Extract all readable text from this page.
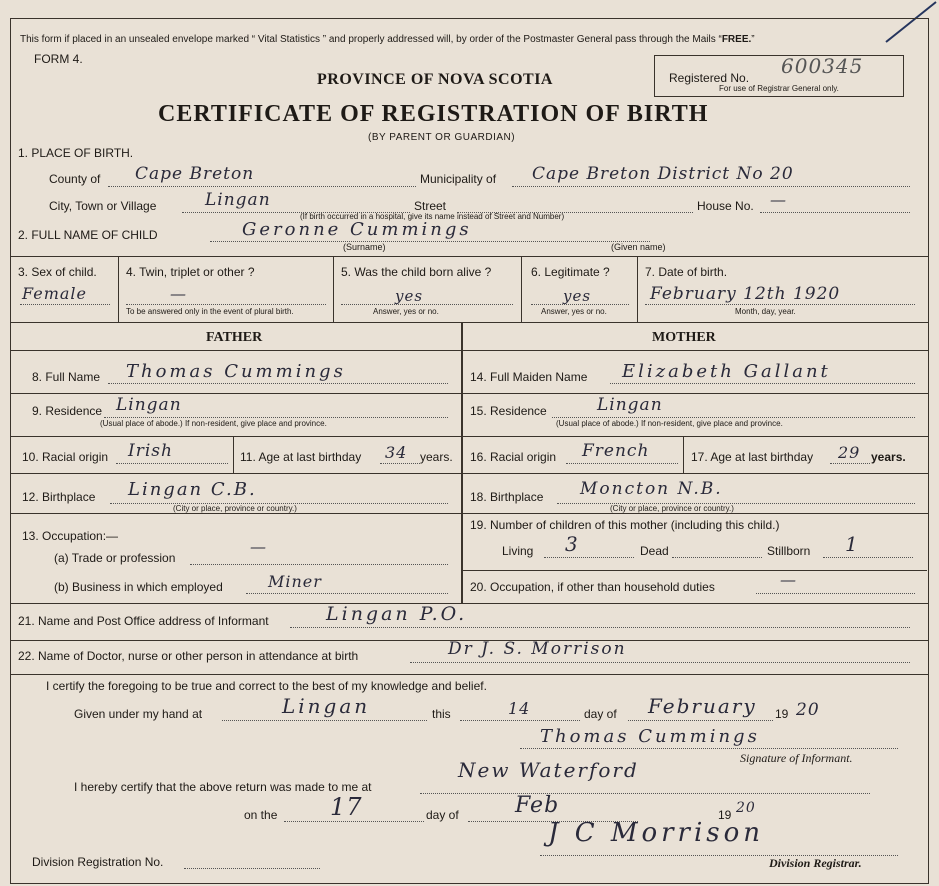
This form if placed in an unsealed envelope marked “ Vital Statistics ” and properly addressed will, by order of the Postmaster General pass through the Mails “FREE.”
FORM 4.
PROVINCE OF NOVA SCOTIA
CERTIFICATE OF REGISTRATION OF BIRTH
(BY PARENT OR GUARDIAN)
Registered No. 600345
For use of Registrar General only.
1. PLACE OF BIRTH.
County of Cape Breton	Municipality of Cape Breton District No 20
City, Town or Village	Lingan	Street
(If birth occurred in a hospital, give its name instead of Street and Number)
House No. —
2. FULL NAME OF CHILD	Geronne Cummings
(Surname)	(Given name)
3. Sex of child.
Female
4. Twin, triplet or other ?
—
To be answered only in the event of plural birth.
5. Was the child born alive ?
yes
Answer, yes or no.
6. Legitimate ?
yes
Answer, yes or no.
7. Date of birth.
February 12th 1920
Month, day, year.
FATHER	MOTHER
8. Full Name Thomas Cummings
9. Residence Lingan
(Usual place of abode.) If non-resident, give place and province.
10. Racial origin Irish	11. Age at last birthday 34 years.
12. Birthplace Lingan C.B.
(City or place, province or country.)
13. Occupation:—
(a) Trade or profession
—
(b) Business in which employed	Miner
14. Full Maiden Name Elizabeth Gallant
15. Residence	Lingan
(Usual place of abode.) If non-resident, give place and province.
16. Racial origin French	17. Age at last birthday 29 years.
18. Birthplace Moncton N.B.
(City or place, province or country.)
19. Number of children of this mother (including this child.)
Living 3	Dead	Stillborn 1
20. Occupation, if other than household duties	—
21. Name and Post Office address of Informant	Lingan P.O.
22. Name of Doctor, nurse or other person in attendance at birth	Dr J. S. Morrison
I certify the foregoing to be true and correct to the best of my knowledge and belief.
Given under my hand at	Lingan	this	14	day of February 19 20
Thomas Cummings
Signature of Informant.
I hereby certify that the above return was made to me at
New Waterford
on the 17	day of	Feb	19 20
J C Morrison
Division Registration No.	Division Registrar.
